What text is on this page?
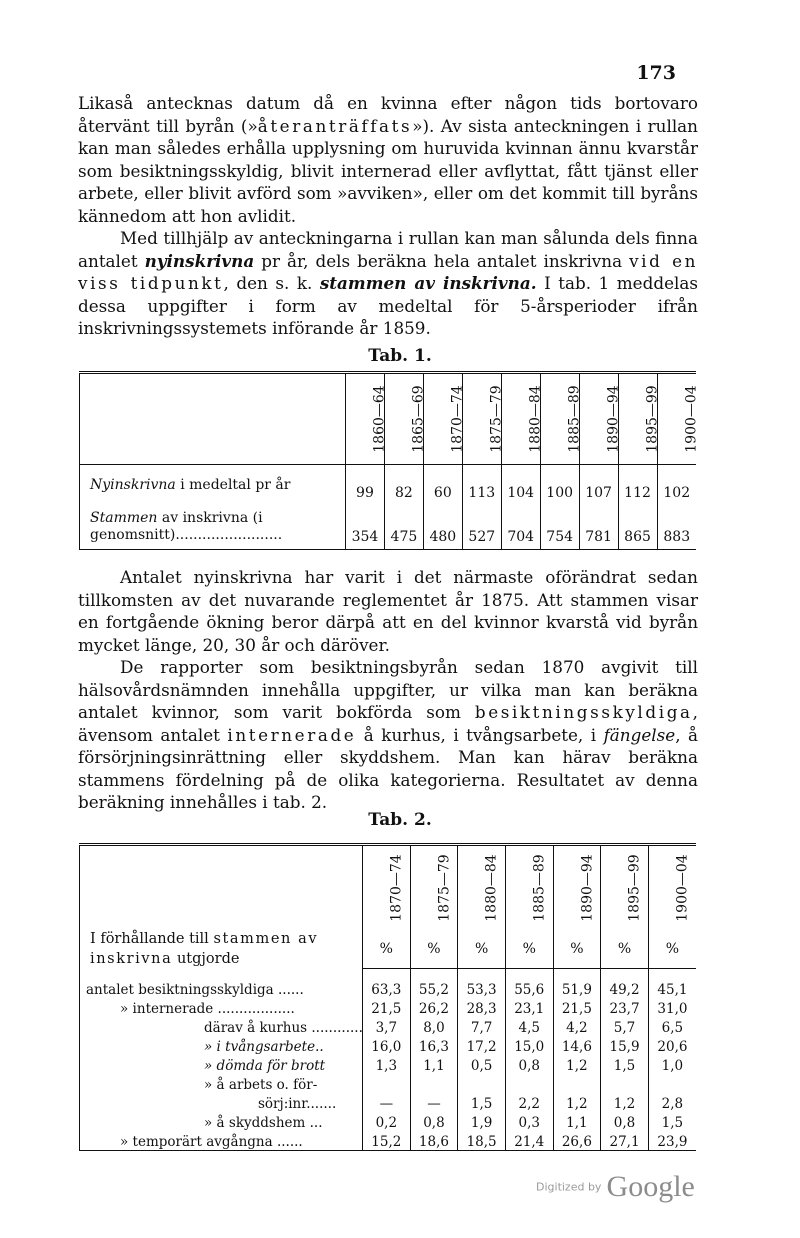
173

Likaså antecknas datum då en kvinna efter någon tids bortovaro återvänt till byrån (»återanträffats»). Av sista anteckningen i rullan kan man således erhålla upplysning om huruvida kvinnan ännu kvarstår som besiktningsskyldig, blivit internerad eller avflyttat, fått tjänst eller arbete, eller blivit avförd som »avviken», eller om det kommit till byråns kännedom att hon avlidit.

Med tillhjälp av anteckningarna i rullan kan man sålunda dels finna antalet nyinskrivna pr år, dels beräkna hela antalet inskrivna vid en viss tidpunkt, den s. k. stammen av inskrivna. I tab. 1 meddelas dessa uppgifter i form av medeltal för 5-årsperioder ifrån inskrivningssystemets införande år 1859.

Tab. 1.
	1860—64	1865—69	1870—74	1875—79	1880—84	1885—89	1890—94	1895—99	1900—04
Nyinskrivna i medeltal pr år	99	82	60	113	104	100	107	112	102
Stammen av inskrivna (i genomsnitt)........................	354	475	480	527	704	754	781	865	883

Antalet nyinskrivna har varit i det närmaste oförändrat sedan tillkomsten av det nuvarande reglementet år 1875. Att stammen visar en fortgående ökning beror därpå att en del kvinnor kvarstå vid byrån mycket länge, 20, 30 år och däröver.

De rapporter som besiktningsbyrån sedan 1870 avgivit till hälsovårdsnämnden innehålla uppgifter, ur vilka man kan beräkna antalet kvinnor, som varit bokförda som besiktningsskyldiga, ävensom antalet internerade å kurhus, i tvångsarbete, i fängelse, å försörjningsinrättning eller skyddshem. Man kan härav beräkna stammens fördelning på de olika kategorierna. Resultatet av denna beräkning innehålles i tab. 2.

Tab. 2.
I förhållande till stammen av inskrivna utgjorde	1870—74	1875—79	1880—84	1885—89	1890—94	1895—99	1900—04
	%	%	%	%	%	%	%
antalet besiktningsskyldiga ......	63,3	55,2	53,3	55,6	51,9	49,2	45,1
» internerade ..................	21,5	26,2	28,3	23,1	21,5	23,7	31,0
därav å kurhus ............	3,7	8,0	7,7	4,5	4,2	5,7	6,5
» i tvångsarbete..	16,0	16,3	17,2	15,0	14,6	15,9	20,6
» dömda för brott	1,3	1,1	0,5	0,8	1,2	1,5	1,0
» å arbets o. för-							
sörj:inr.......	—	—	1,5	2,2	1,2	1,2	2,8
» å skyddshem ...	0,2	0,8	1,9	0,3	1,1	0,8	1,5
» temporärt avgångna ......	15,2	18,6	18,5	21,4	26,6	27,1	23,9
Digitized by Google
